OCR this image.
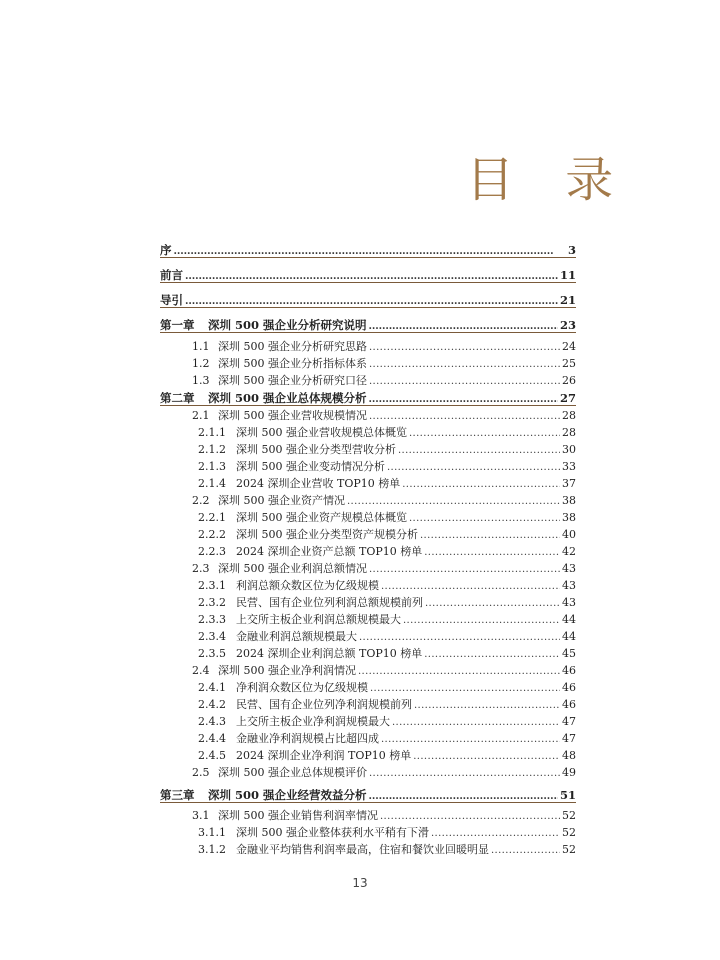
目 录
序 . . .	3
前言 . . .	11
导引 . . .	21
第一章 深圳 500 强企业分析研究说明 . . .	23
1.1 深圳 500 强企业分析研究思路 . . .	24
1.2 深圳 500 强企业分析指标体系 . . .	25
1.3 深圳 500 强企业分析研究口径 . . .	26
第二章 深圳 500 强企业总体规模分析 . . .	27
2.1 深圳 500 强企业营收规模情况 . . .	28
2.1.1 深圳 500 强企业营收规模总体概览 . . .	28
2.1.2 深圳 500 强企业分类型营收分析 . . .	30
2.1.3 深圳 500 强企业变动情况分析 . . .	33
2.1.4 2024 深圳企业营收 TOP10 榜单 . . .	37
2.2 深圳 500 强企业资产情况 . . .	38
2.2.1 深圳 500 强企业资产规模总体概览 . . .	38
2.2.2 深圳 500 强企业分类型资产规模分析 . . .	40
2.2.3 2024 深圳企业资产总额 TOP10 榜单 . . .	42
2.3 深圳 500 强企业利润总额情况 . . .	43
2.3.1 利润总额众数区位为亿级规模 . . .	43
2.3.2 民营、国有企业位列利润总额规模前列 . . .	43
2.3.3 上交所主板企业利润总额规模最大 . . .	44
2.3.4 金融业利润总额规模最大 . . .	44
2.3.5 2024 深圳企业利润总额 TOP10 榜单 . . .	45
2.4 深圳 500 强企业净利润情况 . . .	46
2.4.1 净利润众数区位为亿级规模 . . .	46
2.4.2 民营、国有企业位列净利润规模前列 . . .	46
2.4.3 上交所主板企业净利润规模最大 . . .	47
2.4.4 金融业净利润规模占比超四成 . . .	47
2.4.5 2024 深圳企业净利润 TOP10 榜单 . . .	48
2.5 深圳 500 强企业总体规模评价 . . .	49
第三章 深圳 500 强企业经营效益分析 . . .	51
3.1 深圳 500 强企业销售利润率情况 . . .	52
3.1.1 深圳 500 强企业整体获利水平稍有下滑 . . .	52
3.1.2 金融业平均销售利润率最高，住宿和餐饮业回暖明显 . . .	52
13
